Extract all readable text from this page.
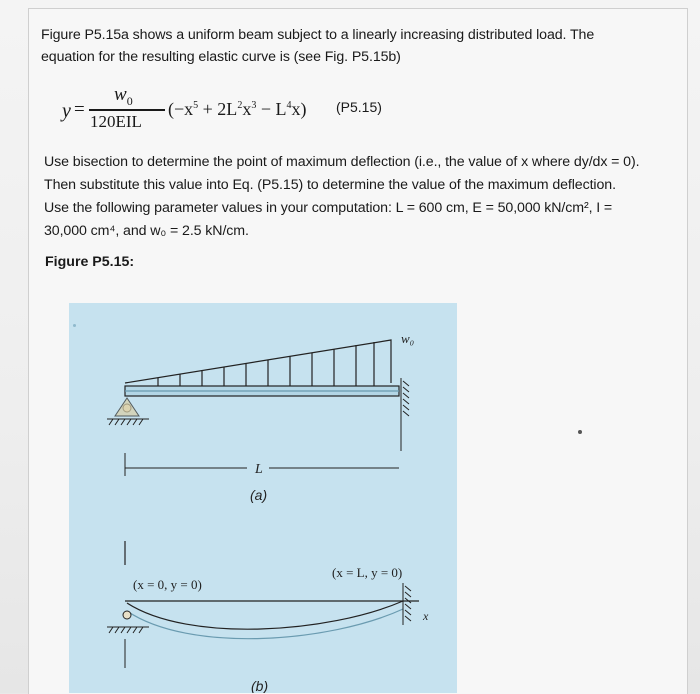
Figure P5.15a shows a uniform beam subject to a linearly increasing distributed load. The
equation for the resulting elastic curve is (see Fig. P5.15b)
y =
$w_0$
120EIL
$(-x^5 + 2L^2x^3 - L^4x)$ (P5.15)
Use bisection to determine the point of maximum deflection (i.e., the value of x where dy/dx = 0).
Then substitute this value into Eq. (P5.15) to determine the value of the maximum deflection.
Use the following parameter values in your computation: L = 600 cm, E = 50,000 kN/cm², I =
30,000 cm⁴, and w₀ = 2.5 kN/cm.
Figure P5.15:
w₀
L
(a)
(x = L, y = 0)
(x = 0, y = 0)
x
(b)
